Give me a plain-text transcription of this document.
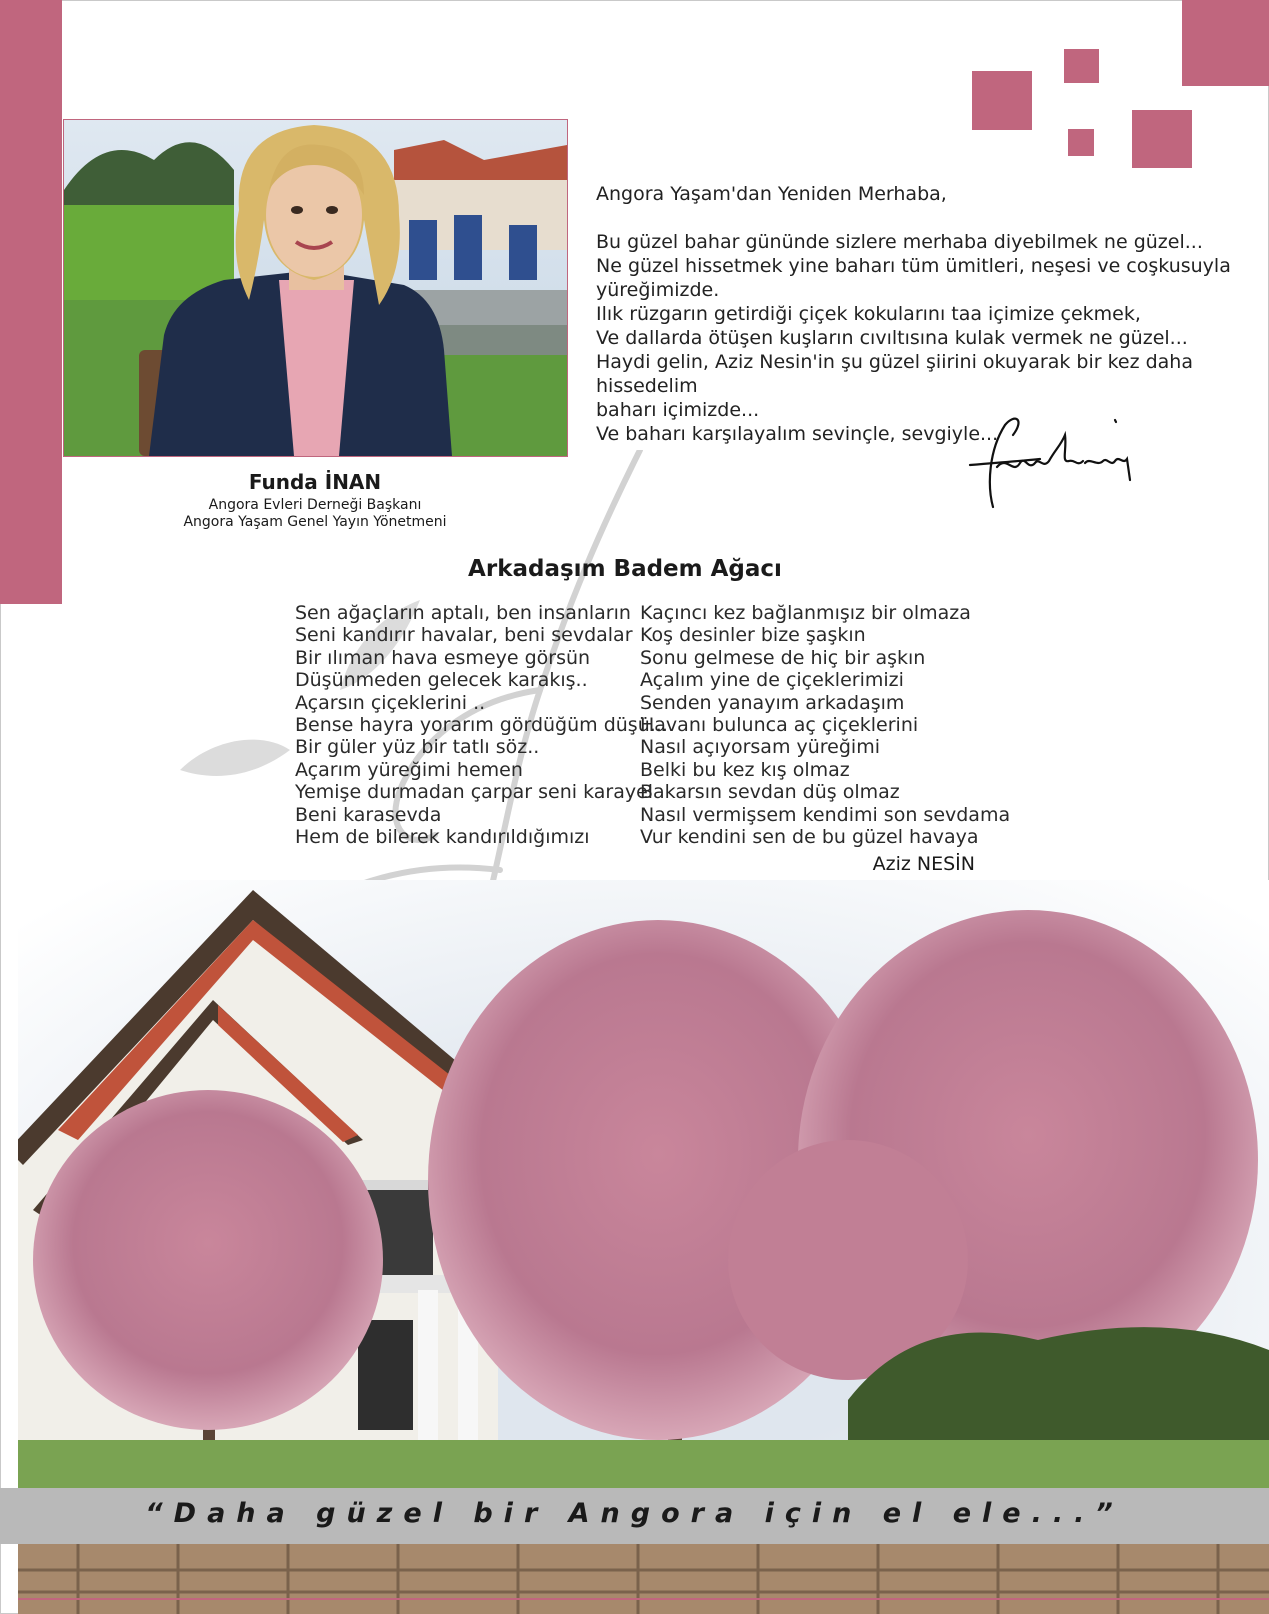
Funda İNAN
Angora Evleri Derneği Başkanı
Angora Yaşam Genel Yayın Yönetmeni

Angora Yaşam'dan Yeniden Merhaba,

Bu güzel bahar gününde sizlere merhaba diyebilmek ne güzel...

Ne güzel hissetmek yine baharı tüm ümitleri, neşesi ve coşkusuyla

yüreğimizde.

Ilık rüzgarın getirdiği çiçek kokularını taa içimize çekmek,

Ve dallarda ötüşen kuşların cıvıltısına kulak vermek ne güzel...

Haydi gelin, Aziz Nesin'in şu güzel şiirini okuyarak bir kez daha hissedelim

baharı içimizde...

Ve baharı karşılayalım sevinçle, sevgiyle...

Arkadaşım Badem Ağacı
Sen ağaçların aptalı, ben insanların
Seni kandırır havalar, beni sevdalar
Bir ılıman hava esmeye görsün
Düşünmeden gelecek karakış..
Açarsın çiçeklerini ..
Bense hayra yorarım gördüğüm düşü...
Bir güler yüz bir tatlı söz..
Açarım yüreğimi hemen
Yemişe durmadan çarpar seni karayel
Beni karasevda
Hem de bilerek kandırıldığımızı
Kaçıncı kez bağlanmışız bir olmaza
Koş desinler bize şaşkın
Sonu gelmese de hiç bir aşkın
Açalım yine de çiçeklerimizi
Senden yanayım arkadaşım
Havanı bulunca aç çiçeklerini
Nasıl açıyorsam yüreğimi
Belki bu kez kış olmaz
Bakarsın sevdan düş olmaz
Nasıl vermişsem kendimi son sevdama
Vur kendini sen de bu güzel havaya
Aziz NESİN
“Daha güzel bir Angora için el ele...”
